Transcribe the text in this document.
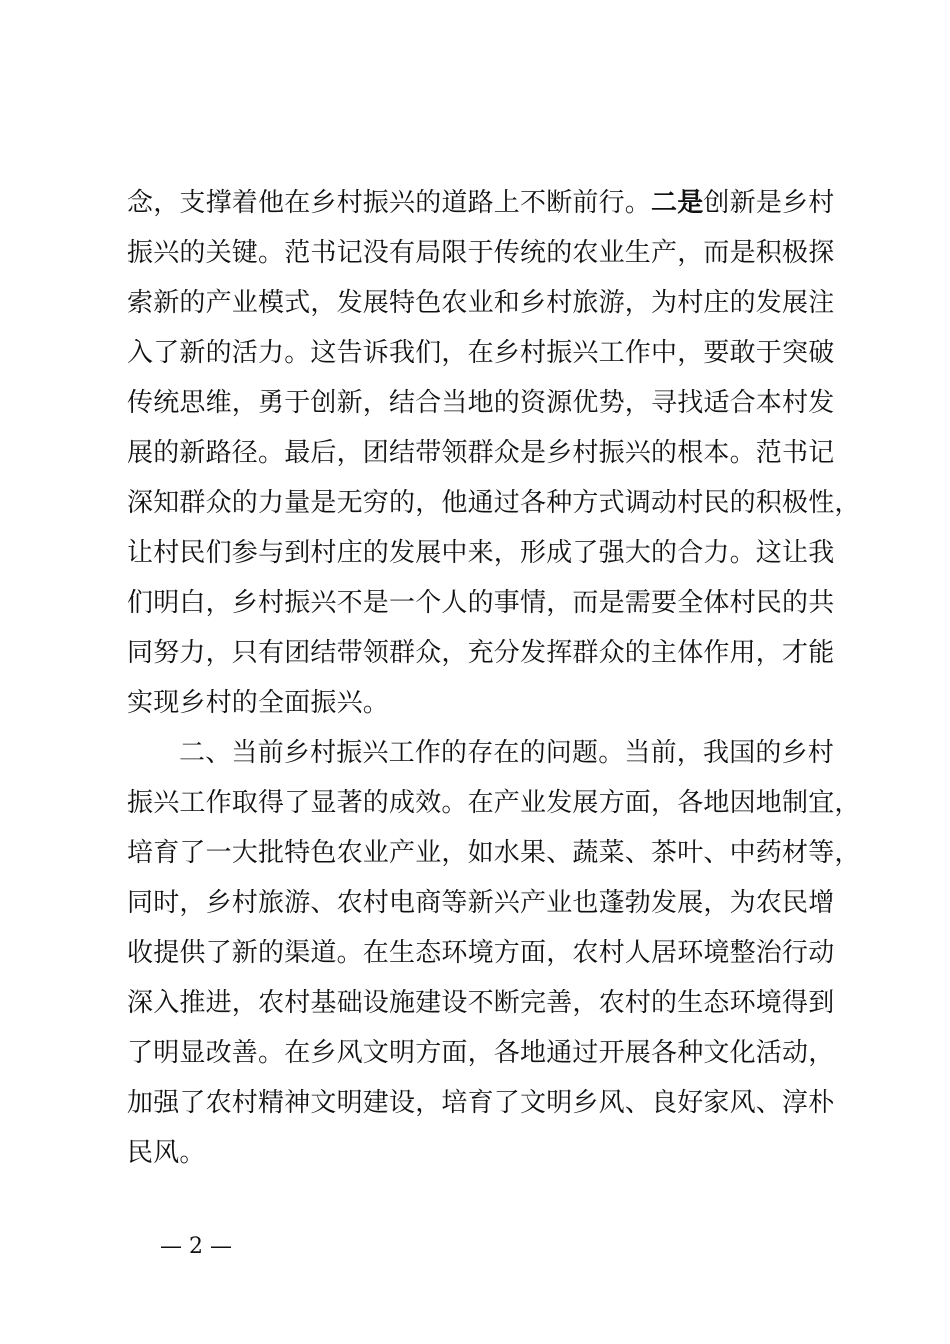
念，支撑着他在乡村振兴的道路上不断前行。二是创新是乡村
振兴的关键。范书记没有局限于传统的农业生产，而是积极探
索新的产业模式，发展特色农业和乡村旅游，为村庄的发展注
入了新的活力。这告诉我们，在乡村振兴工作中，要敢于突破
传统思维，勇于创新，结合当地的资源优势，寻找适合本村发
展的新路径。最后，团结带领群众是乡村振兴的根本。范书记
深知群众的力量是无穷的，他通过各种方式调动村民的积极性，
让村民们参与到村庄的发展中来，形成了强大的合力。这让我
们明白，乡村振兴不是一个人的事情，而是需要全体村民的共
同努力，只有团结带领群众，充分发挥群众的主体作用，才能
实现乡村的全面振兴。
二、当前乡村振兴工作的存在的问题。当前，我国的乡村
振兴工作取得了显著的成效。在产业发展方面，各地因地制宜，
培育了一大批特色农业产业，如水果、蔬菜、茶叶、中药材等，
同时，乡村旅游、农村电商等新兴产业也蓬勃发展，为农民增
收提供了新的渠道。在生态环境方面，农村人居环境整治行动
深入推进，农村基础设施建设不断完善，农村的生态环境得到
了明显改善。在乡风文明方面，各地通过开展各种文化活动，
加强了农村精神文明建设，培育了文明乡风、良好家风、淳朴
民风。
— 2 —
